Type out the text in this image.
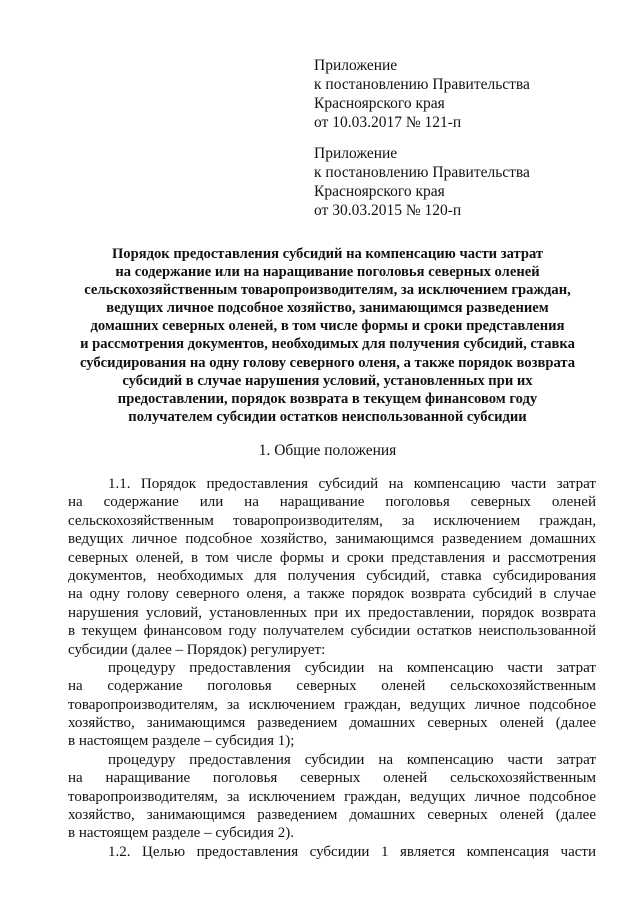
Приложение
к постановлению Правительства
Красноярского края
от 10.03.2017 № 121-п
Приложение
к постановлению Правительства
Красноярского края
от 30.03.2015 № 120-п
Порядок предоставления субсидий на компенсацию части затрат
на содержание или на наращивание поголовья северных оленей
сельскохозяйственным товаропроизводителям, за исключением граждан,
ведущих личное подсобное хозяйство, занимающимся разведением
домашних северных оленей, в том числе формы и сроки представления
и рассмотрения документов, необходимых для получения субсидий, ставка
субсидирования на одну голову северного оленя, а также порядок возврата
субсидий в случае нарушения условий, установленных при их
предоставлении, порядок возврата в текущем финансовом году
получателем субсидии остатков неиспользованной субсидии
1. Общие положения
1.1. Порядок предоставления субсидий на компенсацию части затрат
на содержание или на наращивание поголовья северных оленей
сельскохозяйственным товаропроизводителям, за исключением граждан,
ведущих личное подсобное хозяйство, занимающимся разведением домашних
северных оленей, в том числе формы и сроки представления и рассмотрения
документов, необходимых для получения субсидий, ставка субсидирования
на одну голову северного оленя, а также порядок возврата субсидий в случае
нарушения условий, установленных при их предоставлении, порядок возврата
в текущем финансовом году получателем субсидии остатков неиспользованной
субсидии (далее – Порядок) регулирует:
процедуру предоставления субсидии на компенсацию части затрат
на содержание поголовья северных оленей сельскохозяйственным
товаропроизводителям, за исключением граждан, ведущих личное подсобное
хозяйство, занимающимся разведением домашних северных оленей (далее
в настоящем разделе – субсидия 1);
процедуру предоставления субсидии на компенсацию части затрат
на наращивание поголовья северных оленей сельскохозяйственным
товаропроизводителям, за исключением граждан, ведущих личное подсобное
хозяйство, занимающимся разведением домашних северных оленей (далее
в настоящем разделе – субсидия 2).
1.2. Целью предоставления субсидии 1 является компенсация части
